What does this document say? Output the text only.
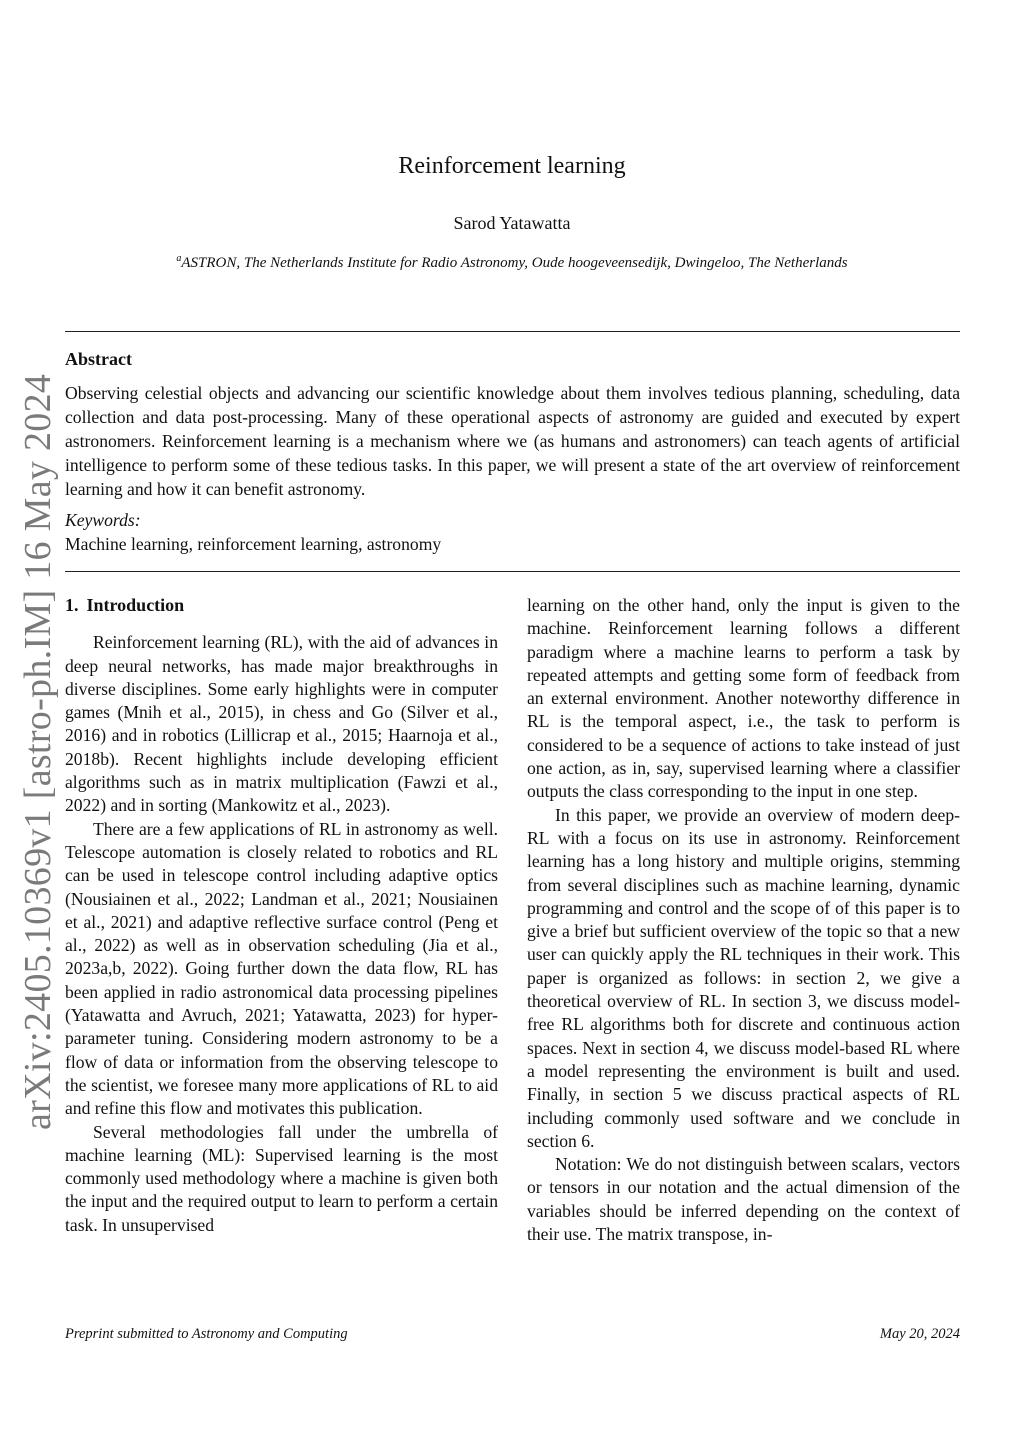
arXiv:2405.10369v1 [astro-ph.IM] 16 May 2024
Reinforcement learning
Sarod Yatawatta
$^a$ASTRON, The Netherlands Institute for Radio Astronomy, Oude hoogeveensedijk, Dwingeloo, The Netherlands
Abstract
Observing celestial objects and advancing our scientific knowledge about them involves tedious planning, scheduling, data collection and data post-processing. Many of these operational aspects of astronomy are guided and executed by expert astronomers. Reinforcement learning is a mechanism where we (as humans and astronomers) can teach agents of artificial intelligence to perform some of these tedious tasks. In this paper, we will present a state of the art overview of reinforcement learning and how it can benefit astronomy.
Keywords:
Machine learning, reinforcement learning, astronomy
1. Introduction

Reinforcement learning (RL), with the aid of advances in deep neural networks, has made major breakthroughs in diverse disciplines. Some early highlights were in computer games (Mnih et al., 2015), in chess and Go (Silver et al., 2016) and in robotics (Lillicrap et al., 2015; Haarnoja et al., 2018b). Recent highlights include developing efficient algorithms such as in matrix multiplication (Fawzi et al., 2022) and in sorting (Mankowitz et al., 2023).

There are a few applications of RL in astronomy as well. Telescope automation is closely related to robotics and RL can be used in telescope control including adaptive optics (Nousiainen et al., 2022; Landman et al., 2021; Nousiainen et al., 2021) and adaptive reflective surface control (Peng et al., 2022) as well as in observation scheduling (Jia et al., 2023a,b, 2022). Going further down the data flow, RL has been applied in radio astronomical data processing pipelines (Yatawatta and Avruch, 2021; Yatawatta, 2023) for hyper-parameter tuning. Considering modern astronomy to be a flow of data or information from the observing telescope to the scientist, we foresee many more applications of RL to aid and refine this flow and motivates this publication.

Several methodologies fall under the umbrella of machine learning (ML): Supervised learning is the most commonly used methodology where a machine is given both the input and the required output to learn to perform a certain task. In unsupervised

learning on the other hand, only the input is given to the machine. Reinforcement learning follows a different paradigm where a machine learns to perform a task by repeated attempts and getting some form of feedback from an external environment. Another noteworthy difference in RL is the temporal aspect, i.e., the task to perform is considered to be a sequence of actions to take instead of just one action, as in, say, supervised learning where a classifier outputs the class corresponding to the input in one step.

In this paper, we provide an overview of modern deep-RL with a focus on its use in astronomy. Reinforcement learning has a long history and multiple origins, stemming from several disciplines such as machine learning, dynamic programming and control and the scope of of this paper is to give a brief but sufficient overview of the topic so that a new user can quickly apply the RL techniques in their work. This paper is organized as follows: in section 2, we give a theoretical overview of RL. In section 3, we discuss model-free RL algorithms both for discrete and continuous action spaces. Next in section 4, we discuss model-based RL where a model representing the environment is built and used. Finally, in section 5 we discuss practical aspects of RL including commonly used software and we conclude in section 6.

Notation: We do not distinguish between scalars, vectors or tensors in our notation and the actual dimension of the variables should be inferred depending on the context of their use. The matrix transpose, in-

Preprint submitted to Astronomy and Computing	May 20, 2024
